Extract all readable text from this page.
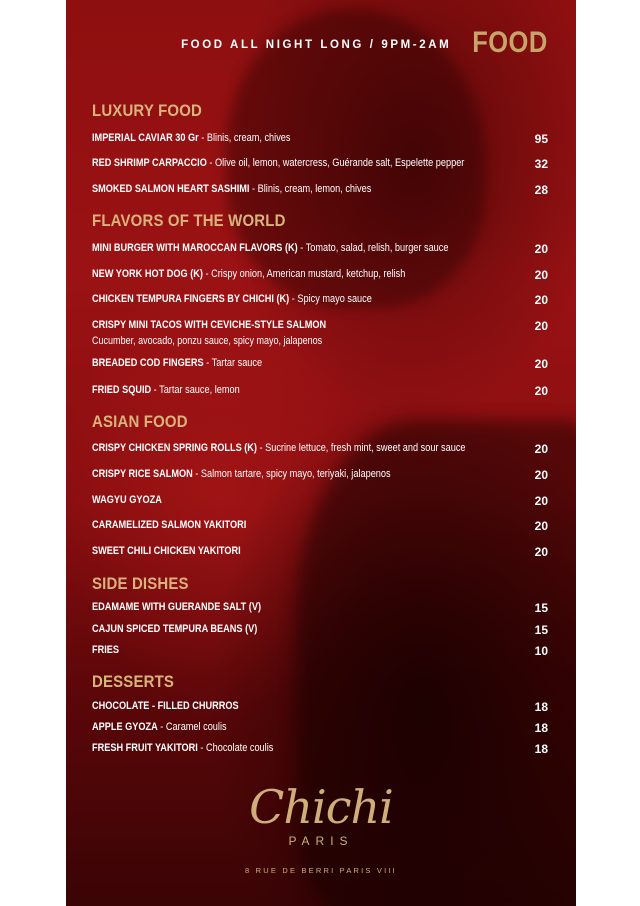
FOOD ALL NIGHT LONG / 9PM-2AM FOOD
LUXURY FOOD
IMPERIAL CAVIAR 30 Gr - Blinis, cream, chives	95
RED SHRIMP CARPACCIO - Olive oil, lemon, watercress, Guérande salt, Espelette pepper	32
SMOKED SALMON HEART SASHIMI - Blinis, cream, lemon, chives	28
FLAVORS OF THE WORLD
MINI BURGER WITH MAROCCAN FLAVORS (K) - Tomato, salad, relish, burger sauce	20
NEW YORK HOT DOG (K) - Crispy onion, American mustard, ketchup, relish	20
CHICKEN TEMPURA FINGERS BY CHICHI (K) - Spicy mayo sauce	20
CRISPY MINI TACOS WITH CEVICHE-STYLE SALMON	20
Cucumber, avocado, ponzu sauce, spicy mayo, jalapenos
BREADED COD FINGERS - Tartar sauce	20
FRIED SQUID - Tartar sauce, lemon	20
ASIAN FOOD
CRISPY CHICKEN SPRING ROLLS (K) - Sucrine lettuce, fresh mint, sweet and sour sauce	20
CRISPY RICE SALMON - Salmon tartare, spicy mayo, teriyaki, jalapenos	20
WAGYU GYOZA	20
CARAMELIZED SALMON YAKITORI	20
SWEET CHILI CHICKEN YAKITORI	20
SIDE DISHES
EDAMAME WITH GUERANDE SALT (V)	15
CAJUN SPICED TEMPURA BEANS (V)	15
FRIES	10
DESSERTS
CHOCOLATE - FILLED CHURROS	18
APPLE GYOZA - Caramel coulis	18
FRESH FRUIT YAKITORI - Chocolate coulis	18
Chichi
PARIS
8 RUE DE BERRI PARIS VIII
